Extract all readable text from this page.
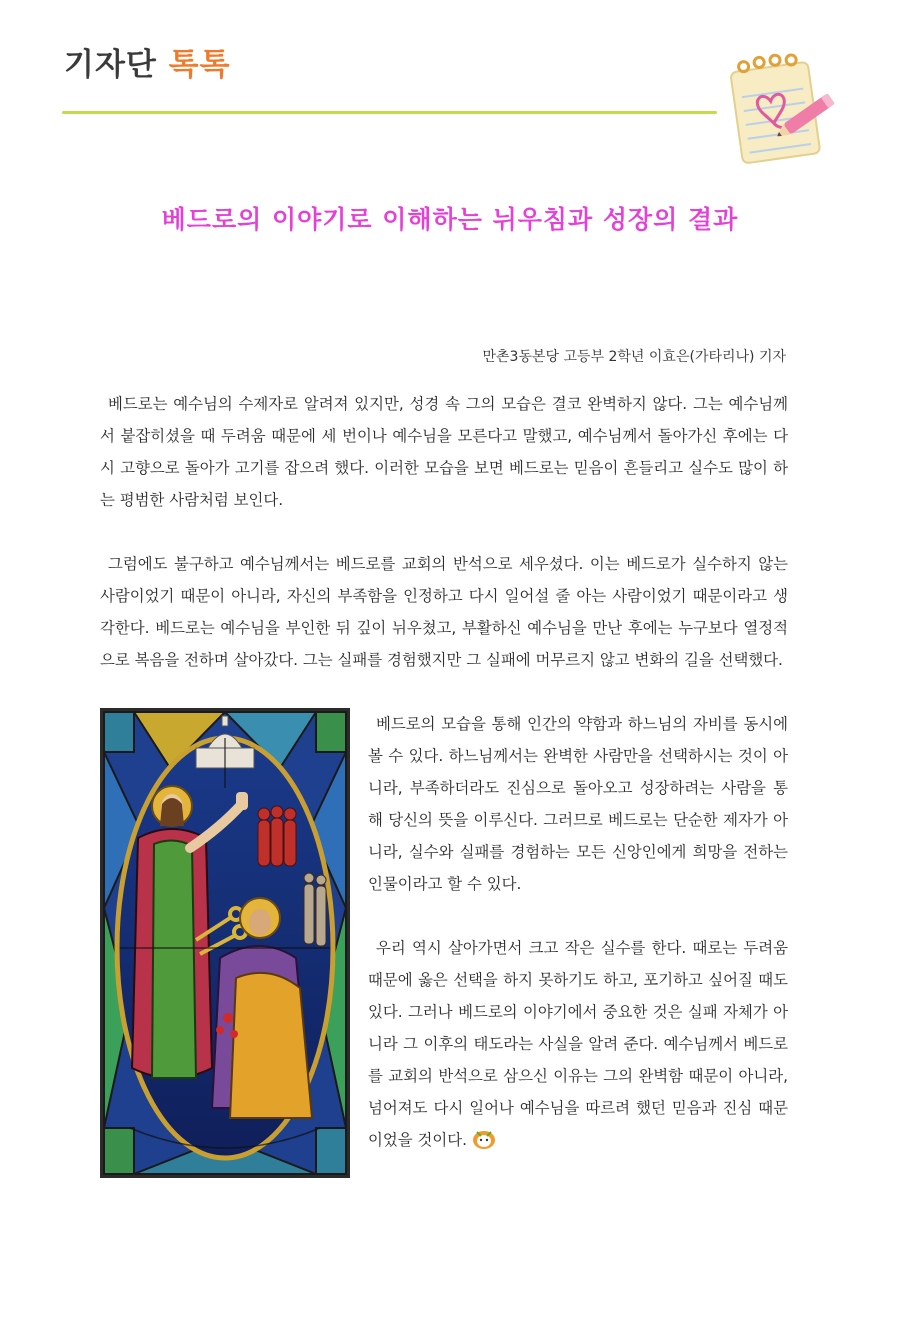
기자단 톡톡
베드로의 이야기로 이해하는 뉘우침과 성장의 결과

만촌3동본당 고등부 2학년 이효은(가타리나) 기자

베드로는 예수님의 수제자로 알려져 있지만, 성경 속 그의 모습은 결코 완벽하지 않다. 그는 예수님께서 붙잡히셨을 때 두려움 때문에 세 번이나 예수님을 모른다고 말했고, 예수님께서 돌아가신 후에는 다시 고향으로 돌아가 고기를 잡으려 했다. 이러한 모습을 보면 베드로는 믿음이 흔들리고 실수도 많이 하는 평범한 사람처럼 보인다.

그럼에도 불구하고 예수님께서는 베드로를 교회의 반석으로 세우셨다. 이는 베드로가 실수하지 않는 사람이었기 때문이 아니라, 자신의 부족함을 인정하고 다시 일어설 줄 아는 사람이었기 때문이라고 생각한다. 베드로는 예수님을 부인한 뒤 깊이 뉘우쳤고, 부활하신 예수님을 만난 후에는 누구보다 열정적으로 복음을 전하며 살아갔다. 그는 실패를 경험했지만 그 실패에 머무르지 않고 변화의 길을 선택했다.

베드로의 모습을 통해 인간의 약함과 하느님의 자비를 동시에 볼 수 있다. 하느님께서는 완벽한 사람만을 선택하시는 것이 아니라, 부족하더라도 진심으로 돌아오고 성장하려는 사람을 통해 당신의 뜻을 이루신다. 그러므로 베드로는 단순한 제자가 아니라, 실수와 실패를 경험하는 모든 신앙인에게 희망을 전하는 인물이라고 할 수 있다.

우리 역시 살아가면서 크고 작은 실수를 한다. 때로는 두려움 때문에 옳은 선택을 하지 못하기도 하고, 포기하고 싶어질 때도 있다. 그러나 베드로의 이야기에서 중요한 것은 실패 자체가 아니라 그 이후의 태도라는 사실을 알려 준다. 예수님께서 베드로를 교회의 반석으로 삼으신 이유는 그의 완벽함 때문이 아니라, 넘어져도 다시 일어나 예수님을 따르려 했던 믿음과 진심 때문이었을 것이다.
